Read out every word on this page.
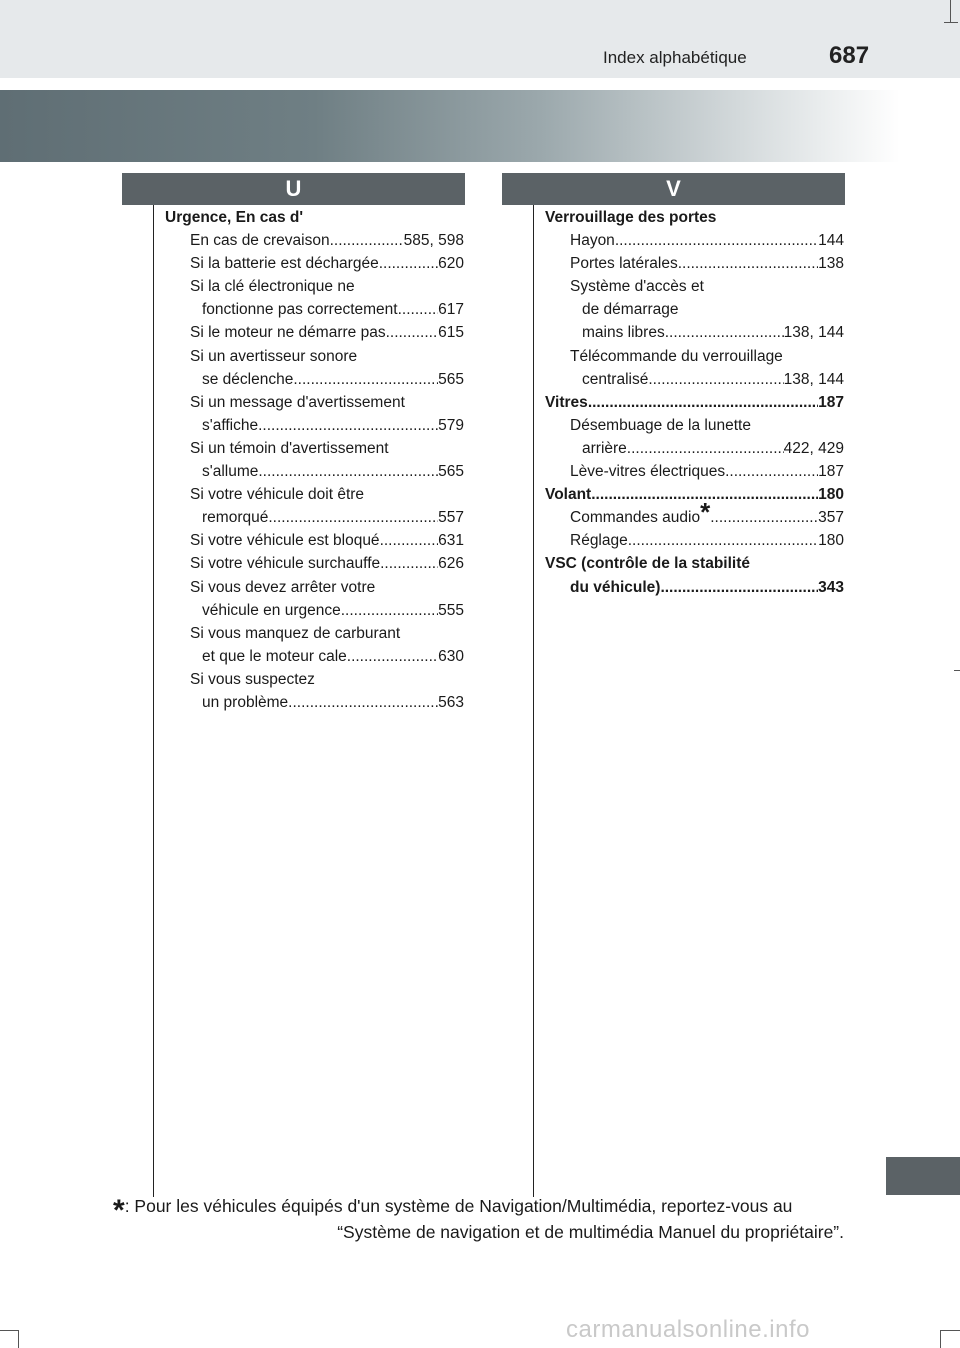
Index alphabétique	687
U
Urgence, En cas d'
En cas de crevaison .....	585, 598
Si la batterie est déchargée .....	620
Si la clé électronique ne
fonctionne pas correctement .....	617
Si le moteur ne démarre pas .....	615
Si un avertisseur sonore
se déclenche .....	565
Si un message d'avertissement
s'affiche .....	579
Si un témoin d'avertissement
s'allume .....	565
Si votre véhicule doit être
remorqué .....	557
Si votre véhicule est bloqué .....	631
Si votre véhicule surchauffe .....	626
Si vous devez arrêter votre
véhicule en urgence .....	555
Si vous manquez de carburant
et que le moteur cale .....	630
Si vous suspectez
un problème .....	563
V
Verrouillage des portes
Hayon .....	144
Portes latérales .....	138
Système d'accès et
de démarrage
mains libres .....	138, 144
Télécommande du verrouillage
centralisé .....	138, 144
Vitres .....	187
Désembuage de la lunette
arrière .....	422, 429
Lève-vitres électriques .....	187
Volant .....	180
Commandes audio* .....	357
Réglage .....	180
VSC (contrôle de la stabilité
du véhicule) .....	343
*: Pour les véhicules équipés d'un système de Navigation/Multimédia, reportez-vous au
“Système de navigation et de multimédia Manuel du propriétaire”.
carmanualsonline.info
